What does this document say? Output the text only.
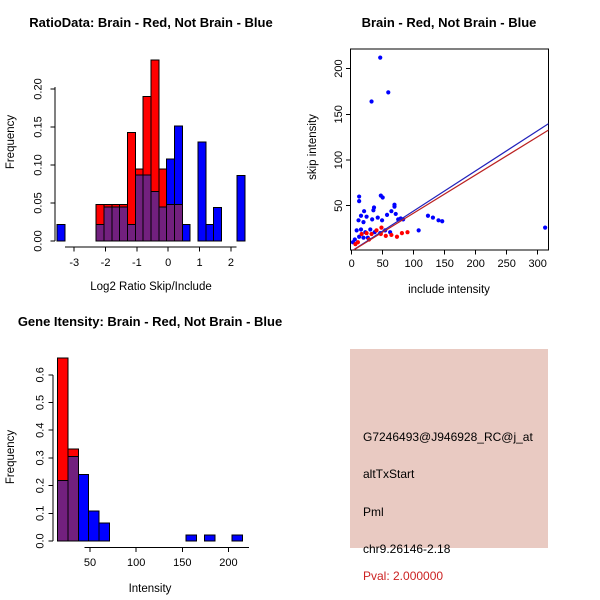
RatioData: Brain - Red, Not Brain - Blue
Log2 Ratio Skip/Include
Frequency
-3 -2 -1 0 1 2
0.00
0.05
0.10
0.15
0.20
Brain - Red, Not Brain - Blue
include intensity
skip intensity
0 50 100 150 200 250 300
50
100
150
200
Gene Itensity: Brain - Red, Not Brain - Blue
Intensity
Frequency
50	100	150	200
0.0
0.1
0.2
0.3
0.4
0.5
0.6
G7246493@J946928_RC@j_at
altTxStart
Pml
chr9.26146-2.18
Pval: 2.000000
